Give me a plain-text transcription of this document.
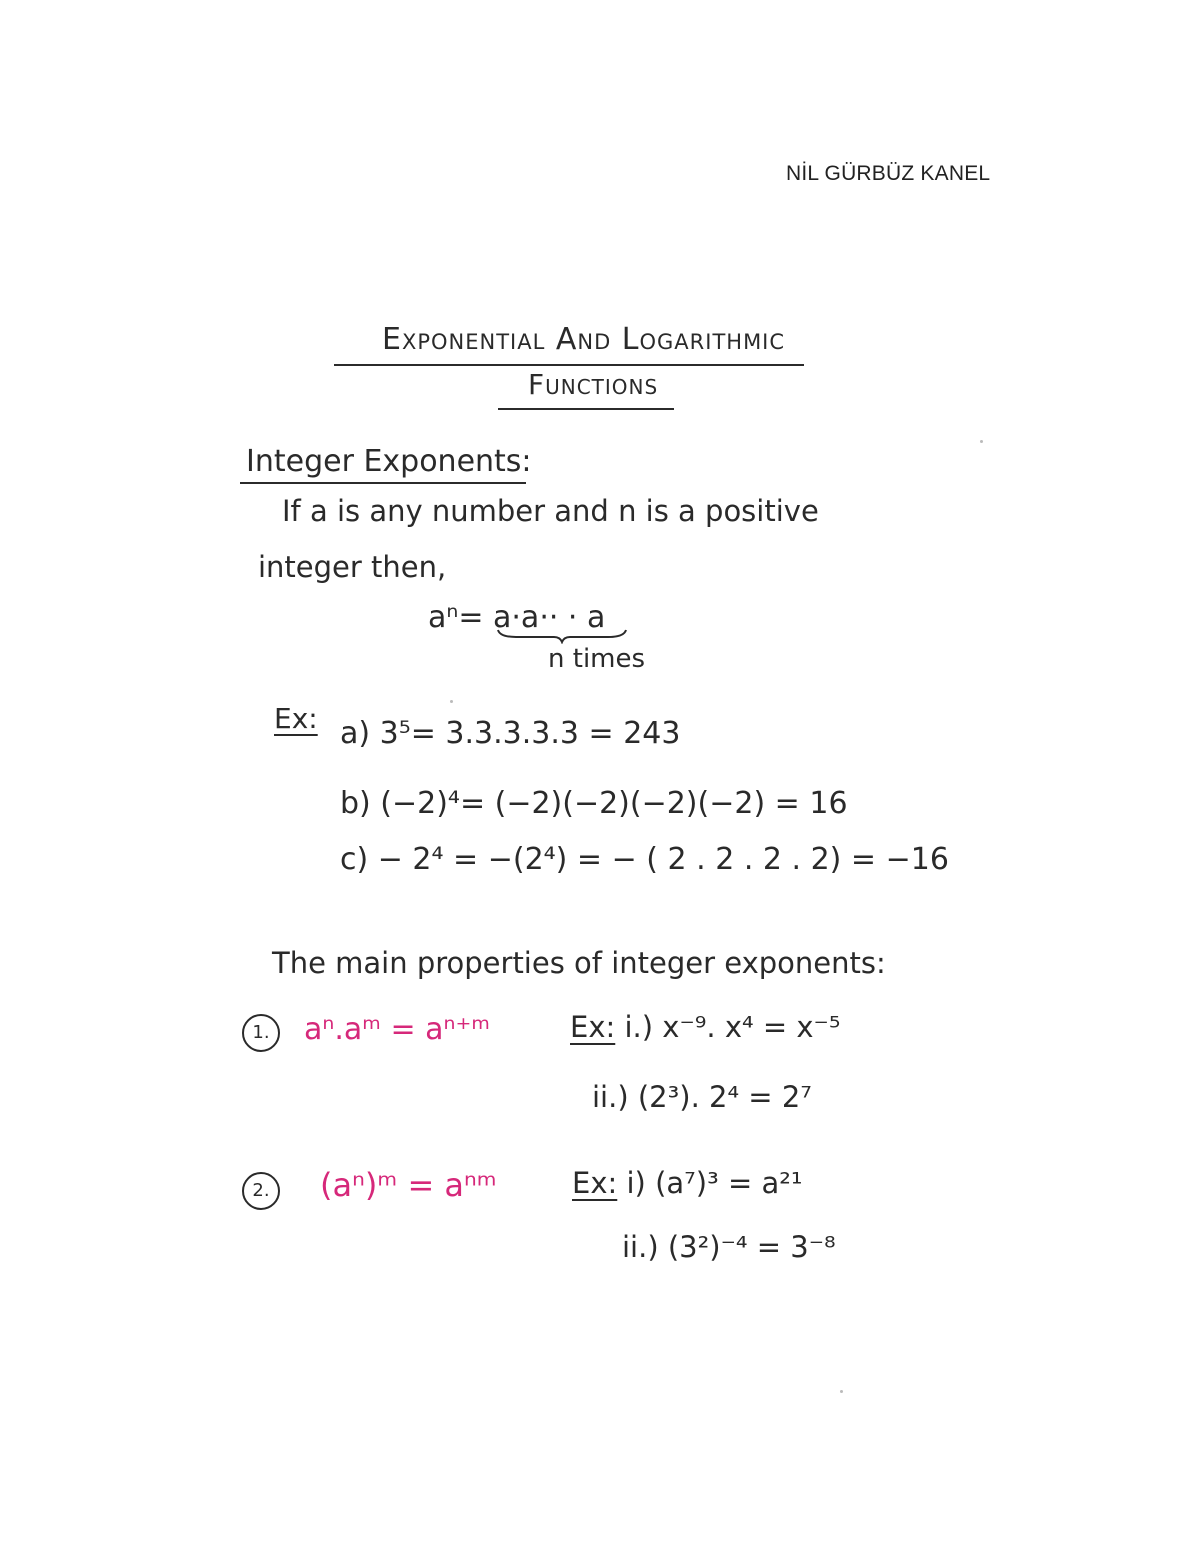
NİL GÜRBÜZ KANEL
Exponential And Logarithmic
Functions
Integer Exponents:
If a is any number and n is a positive
integer then,
aⁿ= a·a·· · a
n times
Ex: a) 3⁵= 3.3.3.3.3 = 243
b) (−2)⁴= (−2)(−2)(−2)(−2) = 16
c) − 2⁴ = −(2⁴) = − ( 2 . 2 . 2 . 2) = −16
The main properties of integer exponents:
1.	aⁿ.aᵐ = aⁿ⁺ᵐ	Ex: i.) x⁻⁹. x⁴ = x⁻⁵
ii.) (2³). 2⁴ = 2⁷
2.	(aⁿ)ᵐ = aⁿᵐ	Ex: i) (a⁷)³ = a²¹
ii.) (3²)⁻⁴ = 3⁻⁸
